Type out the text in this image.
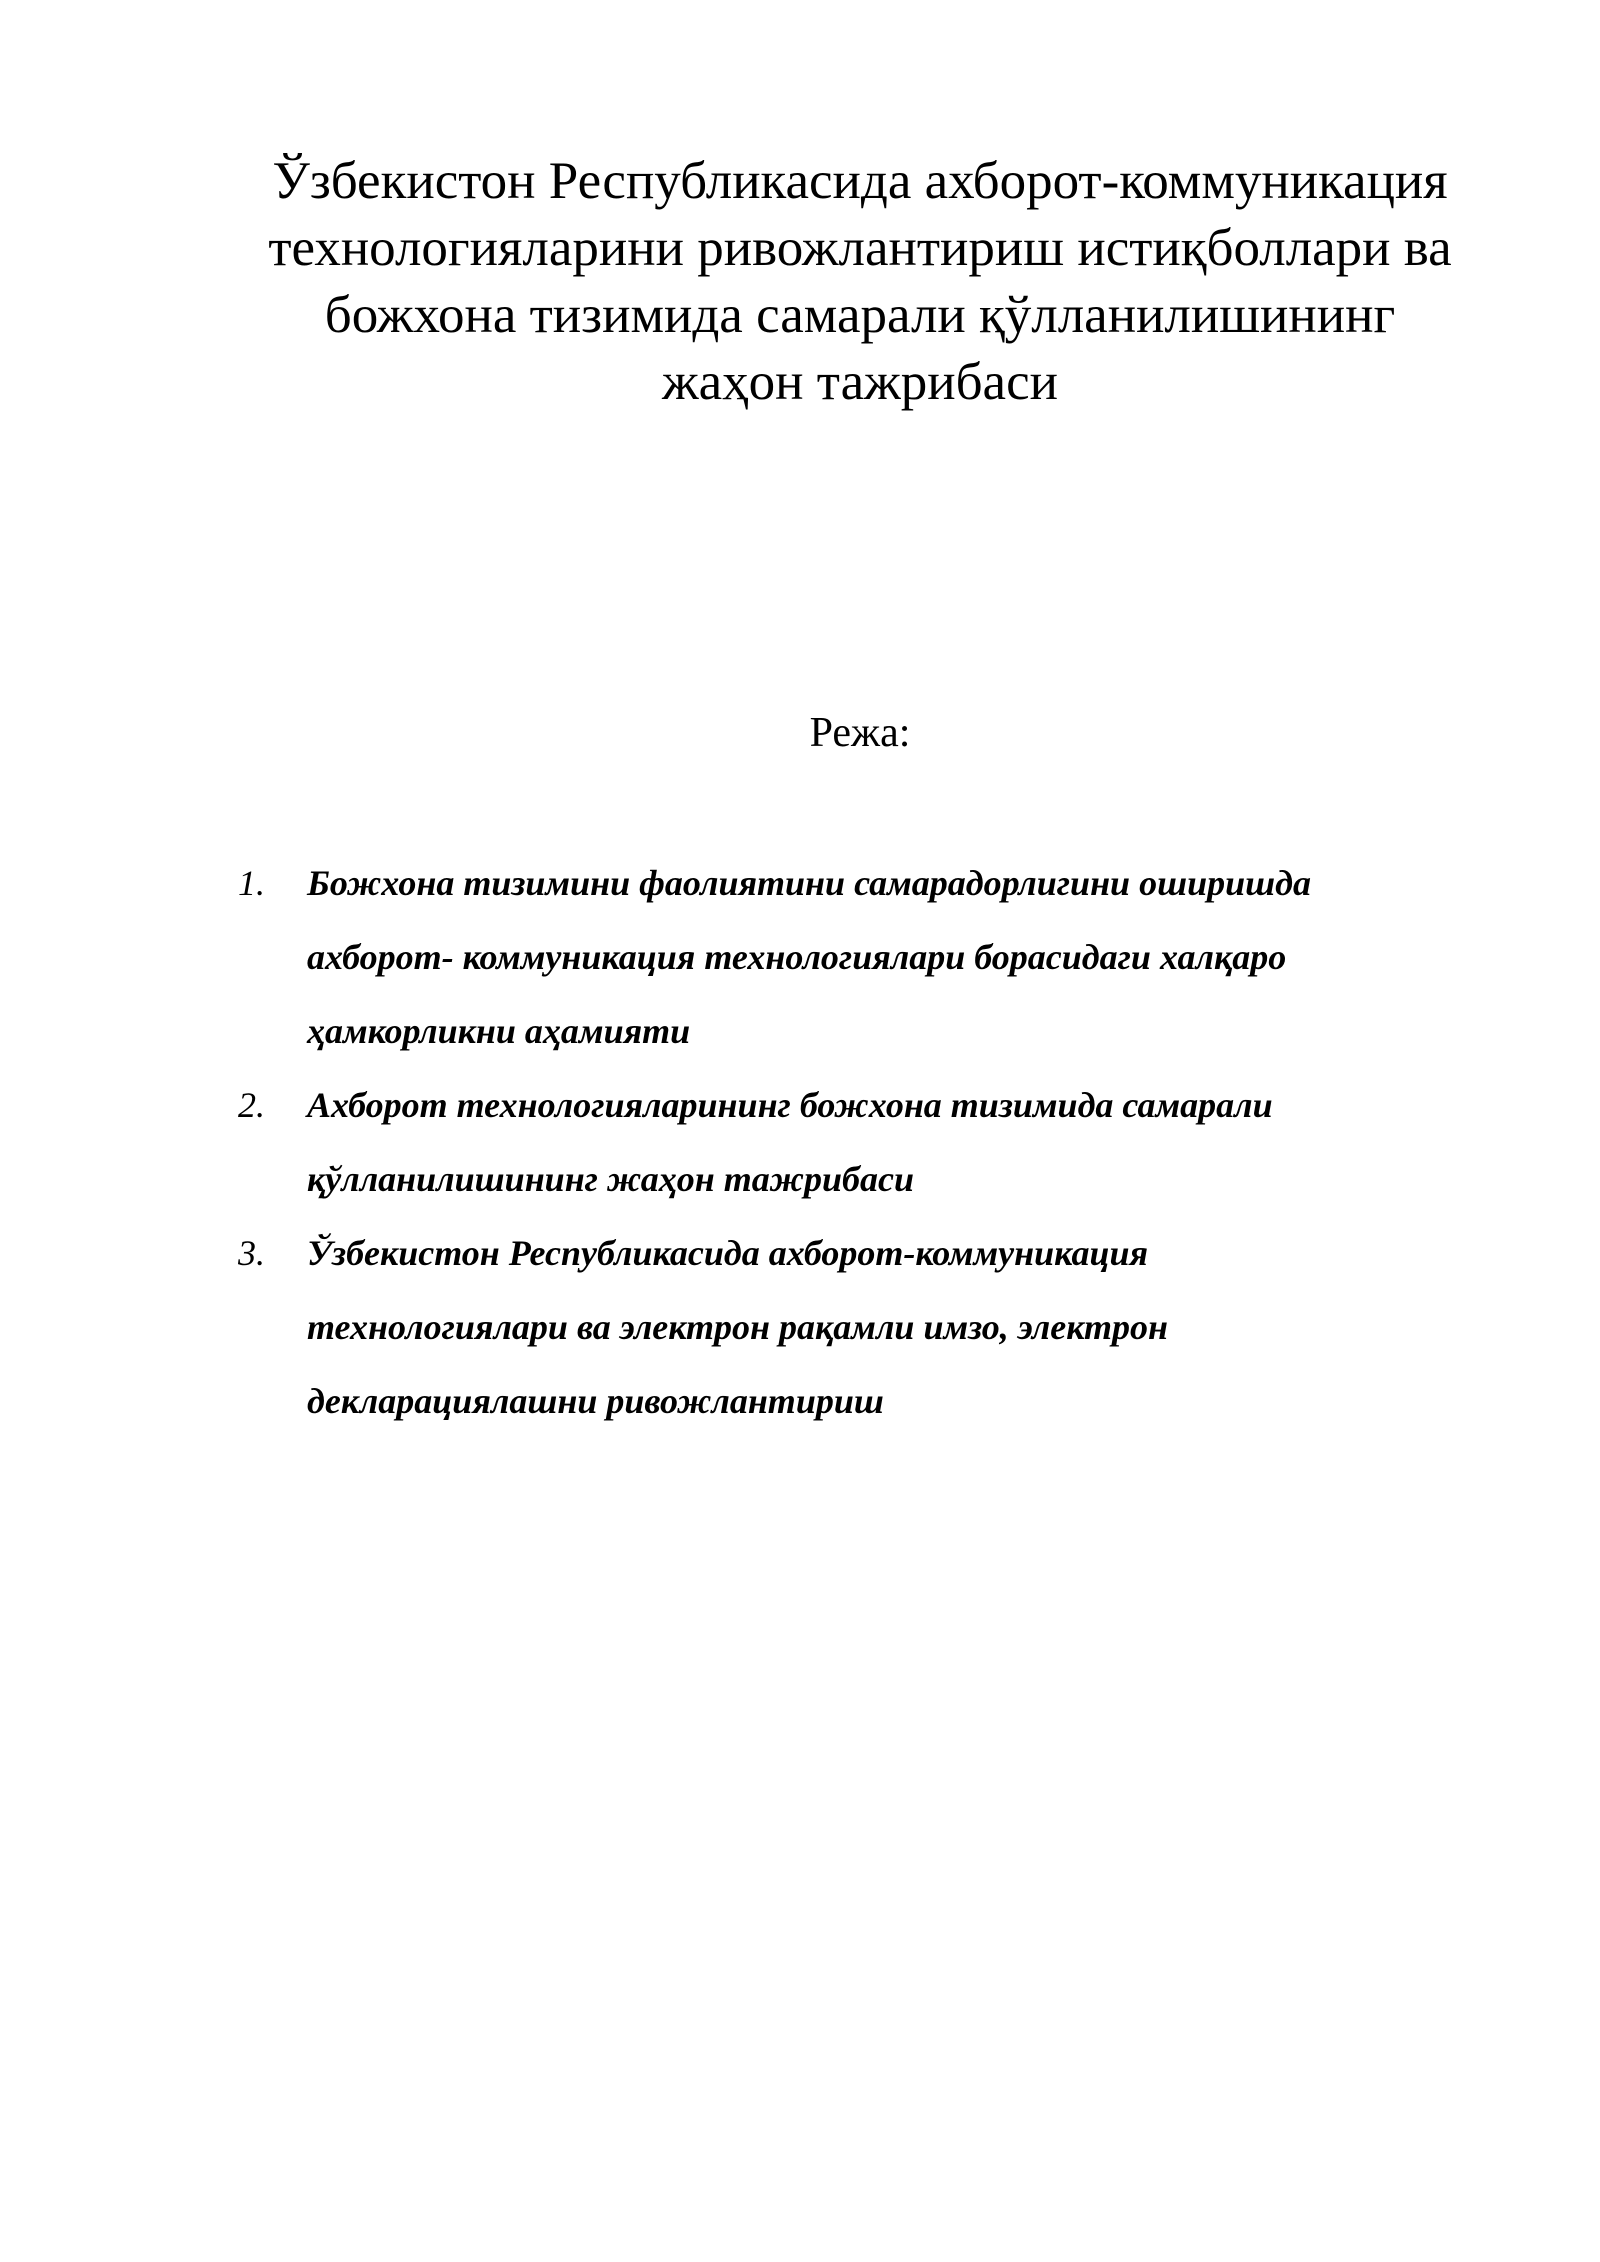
Ўзбекистон Республикасида ахборот-коммуникация
технологияларини ривожлантириш истиқболлари ва
божхона тизимида самарали қўлланилишининг
жаҳон тажрибаси
Режа:
1. Божхона тизимини фаолиятини самарадорлигини оширишда
ахборот- коммуникация технологиялари борасидаги халқаро
ҳамкорликни аҳамияти
2. Ахборот технологияларининг божхона тизимида самарали
қўлланилишининг жаҳон тажрибаси
3. Ўзбекистон Республикасида ахборот-коммуникация
технологиялари ва электрон рақамли имзо, электрон
декларациялашни ривожлантириш
